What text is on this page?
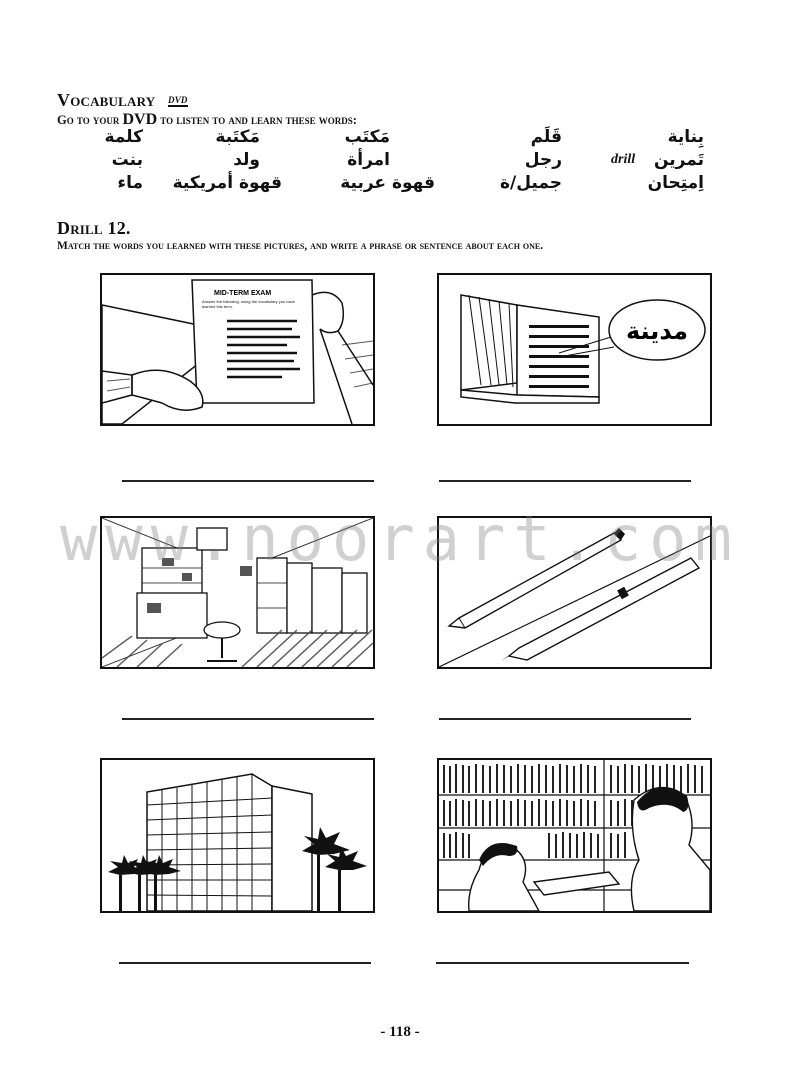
Vocabulary DVD
Go to your DVD to listen to and learn these words:
بِناية
قَلَم
مَكتَب
مَكتَبة
كلمة
تَمرين
drill
رجل
امرأة
ولد
بنت
اِمتِحان
جميل/ة
قهوة عربية
قهوة أمريكية
ماء
Drill 12.
Match the words you learned with these pictures, and write a phrase or sentence about each one.
MID-TERM EXAM
Answer the following, using the vocabulary you have learned this term.
مدينة
www.noorart.com
- 118 -
